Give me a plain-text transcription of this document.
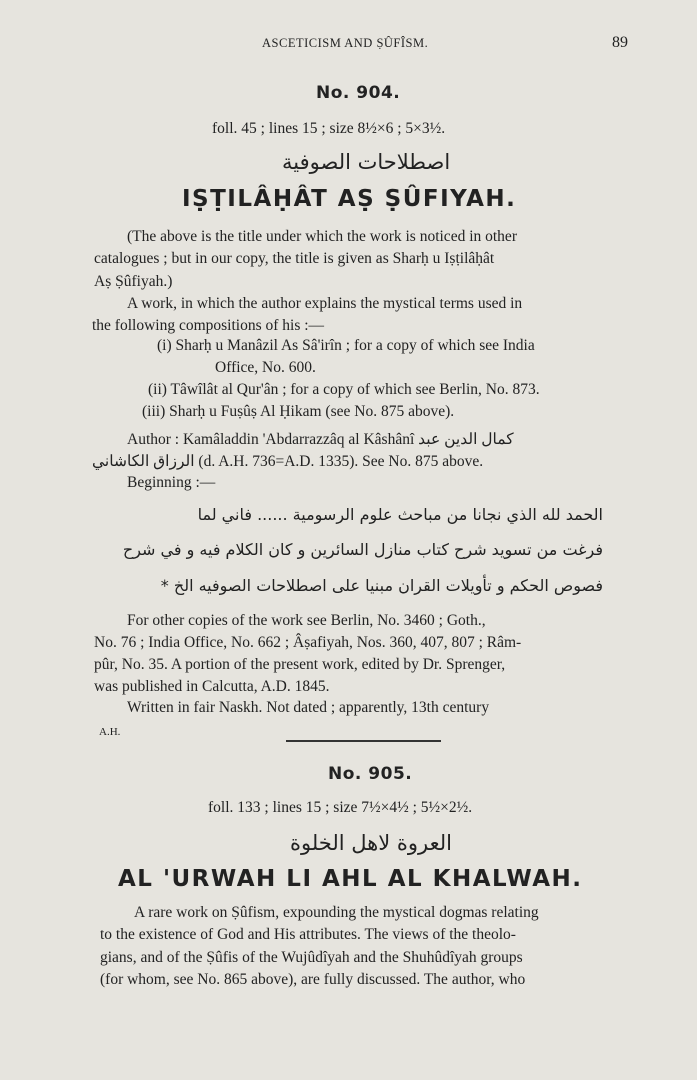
ASCETICISM AND ṢÛFÎSM.	89
No. 904.
foll. 45 ; lines 15 ; size 8½×6 ; 5×3½.
اصطلاحات الصوفية
IṢṬILÂḤÂT AṢ ṢÛFIYAH.
(The above is the title under which the work is noticed in other
catalogues ; but in our copy, the title is given as Sharḥ u Iṣṭilâḥât
Aṣ Ṣûfiyah.)
A work, in which the author explains the mystical terms used in
the following compositions of his :—
(i) Sharḥ u Manâzil As Sâ'irîn ; for a copy of which see India
Office, No. 600.
(ii) Tâwîlât al Qur'ân ; for a copy of which see Berlin, No. 873.
(iii) Sharḥ u Fuṣûṣ Al Ḥikam (see No. 875 above).
Author : Kamâladdin 'Abdarrazzâq al Kâshânî كمال الدين عبد
الرزاق الكاشاني (d. A.H. 736=A.D. 1335). See No. 875 above.
Beginning :—
الحمد لله الذي نجانا من مباحث علوم الرسومية ...... فاني لما
فرغت من تسويد شرح كتاب منازل السائرين و كان الكلام فيه و في شرح
فصوص الحكم و تأويلات القران مبنيا على اصطلاحات الصوفيه الخ *
For other copies of the work see Berlin, No. 3460 ; Goth.,
No. 76 ; India Office, No. 662 ; Âṣafiyah, Nos. 360, 407, 807 ; Râm-
pûr, No. 35. A portion of the present work, edited by Dr. Sprenger,
was published in Calcutta, A.D. 1845.
Written in fair Naskh. Not dated ; apparently, 13th century
A.H.
No. 905.
foll. 133 ; lines 15 ; size 7½×4½ ; 5½×2½.
العروة لاهل الخلوة
AL 'URWAH LI AHL AL KHALWAH.
A rare work on Ṣûfism, expounding the mystical dogmas relating
to the existence of God and His attributes. The views of the theolo-
gians, and of the Ṣûfis of the Wujûdîyah and the Shuhûdîyah groups
(for whom, see No. 865 above), are fully discussed. The author, who
